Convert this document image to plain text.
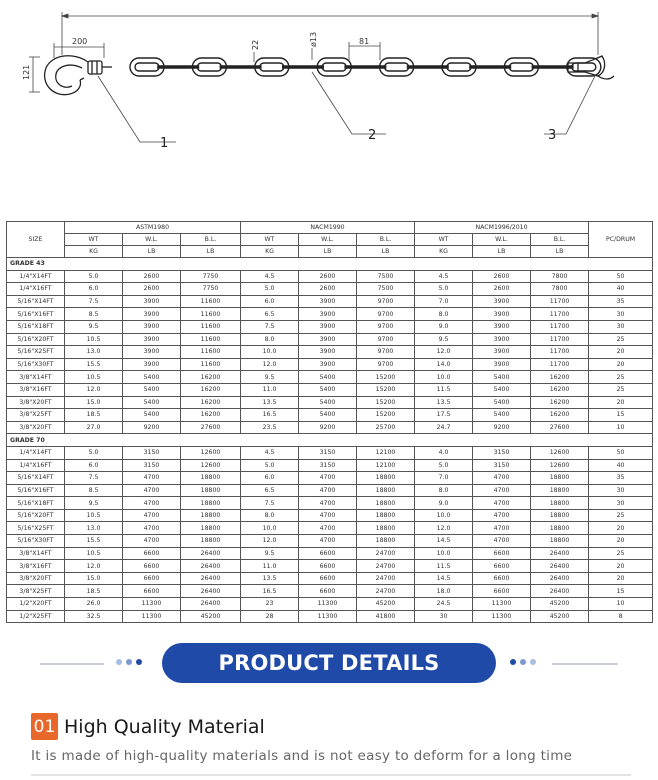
200
121
22	ø13	81
1
2	3
SIZE	ASTM1980			NACM1990			NACM1996/2010			PC/DRUM
	WT	W.L.	B.L.	WT	W.L.	B.L.	WT	W.L.	B.L.	
	KG	LB	LB	KG	LB	LB	KG	LB	LB	
GRADE 43										
1/4"X14FT	5.0	2600	7750	4.5	2600	7500	4.5	2600	7800	50
1/4"X16FT	6.0	2600	7750	5.0	2600	7500	5.0	2600	7800	40
5/16"X14FT	7.5	3900	11600	6.0	3900	9700	7.0	3900	11700	35
5/16"X16FT	8.5	3900	11600	6.5	3900	9700	8.0	3900	11700	30
5/16"X18FT	9.5	3900	11600	7.5	3900	9700	9.0	3900	11700	30
5/16"X20FT	10.5	3900	11600	8.0	3900	9700	9.5	3900	11700	25
5/16"X25FT	13.0	3900	11600	10.0	3900	9700	12.0	3900	11700	20
5/16"X30FT	15.5	3900	11600	12.0	3900	9700	14.0	3900	11700	20
3/8"X14FT	10.5	5400	16200	9.5	5400	15200	10.0	5400	16200	25
3/8"X16FT	12.0	5400	16200	11.0	5400	15200	11.5	5400	16200	25
3/8"X20FT	15.0	5400	16200	13.5	5400	15200	13.5	5400	16200	20
3/8"X25FT	18.5	5400	16200	16.5	5400	15200	17.5	5400	16200	15
3/8"X20FT	27.0	9200	27600	23.5	9200	25700	24.7	9200	27600	10
GRADE 70										
1/4"X14FT	5.0	3150	12600	4.5	3150	12100	4.0	3150	12600	50
1/4"X16FT	6.0	3150	12600	5.0	3150	12100	5.0	3150	12600	40
5/16"X14FT	7.5	4700	18800	6.0	4700	18800	7.0	4700	18800	35
5/16"X16FT	8.5	4700	18800	6.5	4700	18800	8.0	4700	18800	30
5/16"X18FT	9.5	4700	18800	7.5	4700	18800	9.0	4700	18800	30
5/16"X20FT	10.5	4700	18800	8.0	4700	18800	10.0	4700	18800	25
5/16"X25FT	13.0	4700	18800	10.0	4700	18800	12.0	4700	18800	20
5/16"X30FT	15.5	4700	18800	12.0	4700	18800	14.5	4700	18800	20
3/8"X14FT	10.5	6600	26400	9.5	6600	24700	10.0	6600	26400	25
3/8"X16FT	12.0	6600	26400	11.0	6600	24700	11.5	6600	26400	20
3/8"X20FT	15.0	6600	26400	13.5	6600	24700	14.5	6600	26400	20
3/8"X25FT	18.5	6600	26400	16.5	6600	24700	18.0	6600	26400	15
1/2"X20FT	26.0	11300	26400	23	11300	45200	24.5	11300	45200	10
1/2"X25FT	32.5	11300	45200	28	11300	41800	30	11300	45200	8
PRODUCT DETAILS
01 High Quality Material
It is made of high-quality materials and is not easy to deform for a long time
